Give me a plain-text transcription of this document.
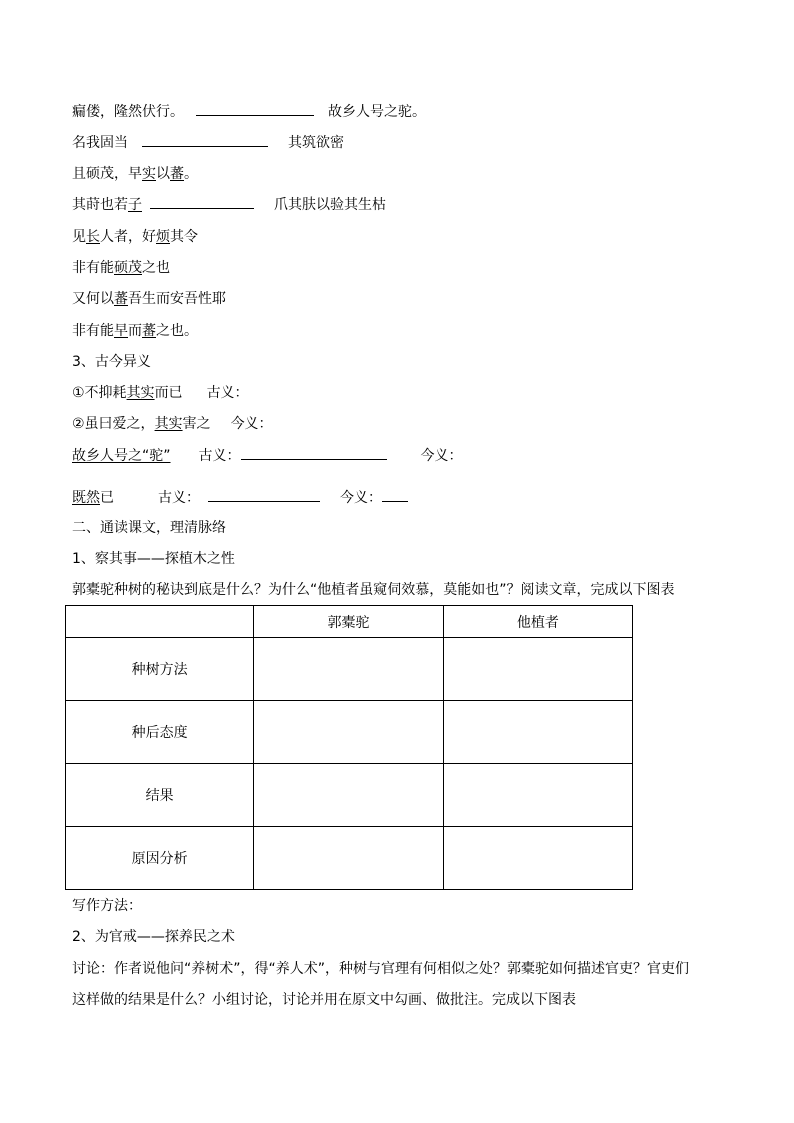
瘺偻，隆然伏行。	故乡人号之驼。
名我固当	其筑欲密
且硕茂，早实以蕃。
其莳也若子	爪其肤以验其生枯
见长人者，好烦其令
非有能硕茂之也
又何以蕃吾生而安吾性耶
非有能早而蕃之也。
3、古今异义
①不抑耗其实而已 古义：
②虽曰爱之，其实害之 今义：
故乡人号之“驼” 古义：	今义：
既然已	古义：	今义：
二、通读课文，理清脉络
1、察其事——探植木之性
郭橐驼种树的秘诀到底是什么？为什么“他植者虽窥伺效慕，莫能如也”？阅读文章，完成以下图表
	郭橐驼	他植者
种树方法		
种后态度		
结果		
原因分析		
写作方法：
2、为官戒——探养民之术
讨论：作者说他问“养树术”，得“养人术”，种树与官理有何相似之处？郭橐驼如何描述官吏？官吏们
这样做的结果是什么？小组讨论，讨论并用在原文中勾画、做批注。完成以下图表
